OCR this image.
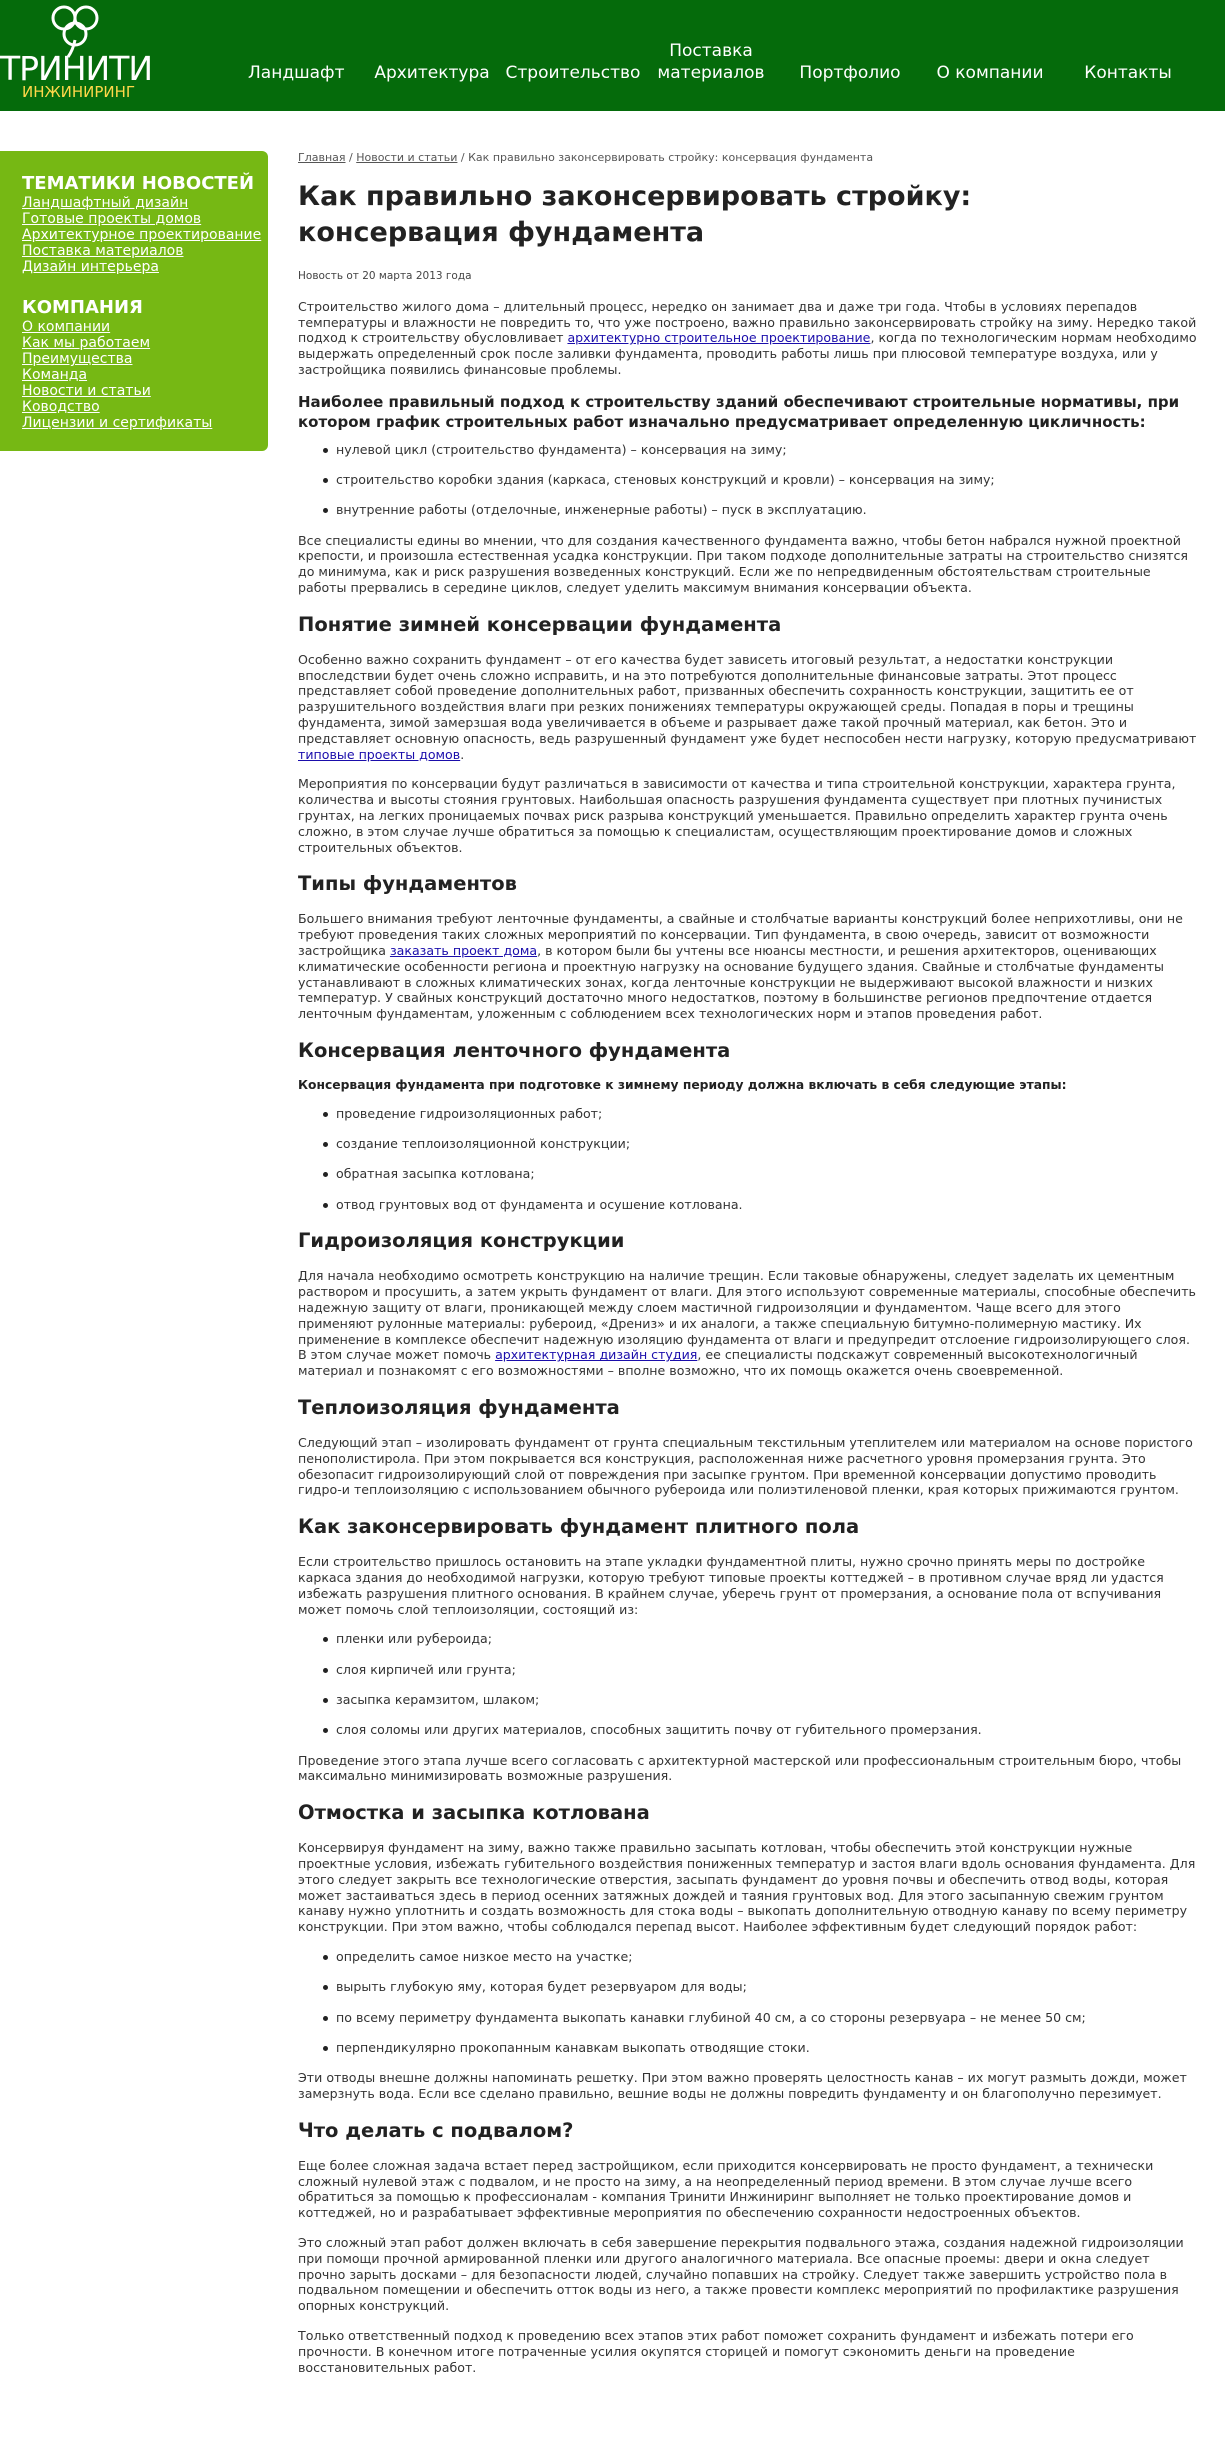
ТРИНИТИ
ИНЖИНИРИНГ
Ландшафт Архитектура Строительство
Поставка материалов	Портфолио	О компании	Контакты
ТЕМАТИКИ НОВОСТЕЙ
Ландшафтный дизайн
Готовые проекты домов
Архитектурное проектирование
Поставка материалов
Дизайн интерьера
КОМПАНИЯ
О компании
Как мы работаем
Преимущества
Команда
Новости и статьи
Ководство
Лицензии и сертификаты
Главная / Новости и статьи / Как правильно законсервировать стройку: консервация фундамента
Как правильно законсервировать стройку: консервация фундамента
Новость от 20 марта 2013 года

Строительство жилого дома – длительный процесс, нередко он занимает два и даже три года. Чтобы в условиях перепадов температуры и влажности не повредить то, что уже построено, важно правильно законсервировать стройку на зиму. Нередко такой подход к строительству обусловливает архитектурно строительное проектирование, когда по технологическим нормам необходимо выдержать определенный срок после заливки фундамента, проводить работы лишь при плюсовой температуре воздуха, или у застройщика появились финансовые проблемы.

Наиболее правильный подход к строительству зданий обеспечивают строительные нормативы, при котором график строительных работ изначально предусматривает определенную цикличность:
нулевой цикл (строительство фундамента) – консервация на зиму;
строительство коробки здания (каркаса, стеновых конструкций и кровли) – консервация на зиму;
внутренние работы (отделочные, инженерные работы) – пуск в эксплуатацию.

Все специалисты едины во мнении, что для создания качественного фундамента важно, чтобы бетон набрался нужной проектной крепости, и произошла естественная усадка конструкции. При таком подходе дополнительные затраты на строительство снизятся до минимума, как и риск разрушения возведенных конструкций. Если же по непредвиденным обстоятельствам строительные работы прервались в середине циклов, следует уделить максимум внимания консервации объекта.

Понятие зимней консервации фундамента

Особенно важно сохранить фундамент – от его качества будет зависеть итоговый результат, а недостатки конструкции впоследствии будет очень сложно исправить, и на это потребуются дополнительные финансовые затраты. Этот процесс представляет собой проведение дополнительных работ, призванных обеспечить сохранность конструкции, защитить ее от разрушительного воздействия влаги при резких понижениях температуры окружающей среды. Попадая в поры и трещины фундамента, зимой замерзшая вода увеличивается в объеме и разрывает даже такой прочный материал, как бетон. Это и представляет основную опасность, ведь разрушенный фундамент уже будет неспособен нести нагрузку, которую предусматривают типовые проекты домов.

Мероприятия по консервации будут различаться в зависимости от качества и типа строительной конструкции, характера грунта, количества и высоты стояния грунтовых. Наибольшая опасность разрушения фундамента существует при плотных пучинистых грунтах, на легких проницаемых почвах риск разрыва конструкций уменьшается. Правильно определить характер грунта очень сложно, в этом случае лучше обратиться за помощью к специалистам, осуществляющим проектирование домов и сложных строительных объектов.

Типы фундаментов

Большего внимания требуют ленточные фундаменты, а свайные и столбчатые варианты конструкций более неприхотливы, они не требуют проведения таких сложных мероприятий по консервации. Тип фундамента, в свою очередь, зависит от возможности застройщика заказать проект дома, в котором были бы учтены все нюансы местности, и решения архитекторов, оценивающих климатические особенности региона и проектную нагрузку на основание будущего здания. Свайные и столбчатые фундаменты устанавливают в сложных климатических зонах, когда ленточные конструкции не выдерживают высокой влажности и низких температур. У свайных конструкций достаточно много недостатков, поэтому в большинстве регионов предпочтение отдается ленточным фундаментам, уложенным с соблюдением всех технологических норм и этапов проведения работ.

Консервация ленточного фундамента
Консервация фундамента при подготовке к зимнему периоду должна включать в себя следующие этапы:
проведение гидроизоляционных работ;
создание теплоизоляционной конструкции;
обратная засыпка котлована;
отвод грунтовых вод от фундамента и осушение котлована.
Гидроизоляция конструкции

Для начала необходимо осмотреть конструкцию на наличие трещин. Если таковые обнаружены, следует заделать их цементным раствором и просушить, а затем укрыть фундамент от влаги. Для этого используют современные материалы, способные обеспечить надежную защиту от влаги, проникающей между слоем мастичной гидроизоляции и фундаментом. Чаще всего для этого применяют рулонные материалы: рубероид, «Дрениз» и их аналоги, а также специальную битумно-полимерную мастику. Их применение в комплексе обеспечит надежную изоляцию фундамента от влаги и предупредит отслоение гидроизолирующего слоя. В этом случае может помочь архитектурная дизайн студия, ее специалисты подскажут современный высокотехнологичный материал и познакомят с его возможностями – вполне возможно, что их помощь окажется очень своевременной.

Теплоизоляция фундамента

Следующий этап – изолировать фундамент от грунта специальным текстильным утеплителем или материалом на основе пористого пенополистирола. При этом покрывается вся конструкция, расположенная ниже расчетного уровня промерзания грунта. Это обезопасит гидроизолирующий слой от повреждения при засыпке грунтом. При временной консервации допустимо проводить гидро-и теплоизоляцию с использованием обычного рубероида или полиэтиленовой пленки, края которых прижимаются грунтом.

Как законсервировать фундамент плитного пола

Если строительство пришлось остановить на этапе укладки фундаментной плиты, нужно срочно принять меры по достройке каркаса здания до необходимой нагрузки, которую требуют типовые проекты коттеджей – в противном случае вряд ли удастся избежать разрушения плитного основания. В крайнем случае, уберечь грунт от промерзания, а основание пола от вспучивания может помочь слой теплоизоляции, состоящий из:

пленки или рубероида;
слоя кирпичей или грунта;
засыпка керамзитом, шлаком;
слоя соломы или других материалов, способных защитить почву от губительного промерзания.

Проведение этого этапа лучше всего согласовать с архитектурной мастерской или профессиональным строительным бюро, чтобы максимально минимизировать возможные разрушения.

Отмостка и засыпка котлована

Консервируя фундамент на зиму, важно также правильно засыпать котлован, чтобы обеспечить этой конструкции нужные проектные условия, избежать губительного воздействия пониженных температур и застоя влаги вдоль основания фундамента. Для этого следует закрыть все технологические отверстия, засыпать фундамент до уровня почвы и обеспечить отвод воды, которая может застаиваться здесь в период осенних затяжных дождей и таяния грунтовых вод. Для этого засыпанную свежим грунтом канаву нужно уплотнить и создать возможность для стока воды – выкопать дополнительную отводную канаву по всему периметру конструкции. При этом важно, чтобы соблюдался перепад высот. Наиболее эффективным будет следующий порядок работ:

определить самое низкое место на участке;
вырыть глубокую яму, которая будет резервуаром для воды;
по всему периметру фундамента выкопать канавки глубиной 40 см, а со стороны резервуара – не менее 50 см;
перпендикулярно прокопанным канавкам выкопать отводящие стоки.

Эти отводы внешне должны напоминать решетку. При этом важно проверять целостность канав – их могут размыть дожди, может замерзнуть вода. Если все сделано правильно, вешние воды не должны повредить фундаменту и он благополучно перезимует.

Что делать с подвалом?

Еще более сложная задача встает перед застройщиком, если приходится консервировать не просто фундамент, а технически сложный нулевой этаж с подвалом, и не просто на зиму, а на неопределенный период времени. В этом случае лучше всего обратиться за помощью к профессионалам - компания Тринити Инжиниринг выполняет не только проектирование домов и коттеджей, но и разрабатывает эффективные мероприятия по обеспечению сохранности недостроенных объектов.

Это сложный этап работ должен включать в себя завершение перекрытия подвального этажа, создания надежной гидроизоляции при помощи прочной армированной пленки или другого аналогичного материала. Все опасные проемы: двери и окна следует прочно зарыть досками – для безопасности людей, случайно попавших на стройку. Следует также завершить устройство пола в подвальном помещении и обеспечить отток воды из него, а также провести комплекс мероприятий по профилактике разрушения опорных конструкций.

Только ответственный подход к проведению всех этапов этих работ поможет сохранить фундамент и избежать потери его прочности. В конечном итоге потраченные усилия окупятся сторицей и помогут сэкономить деньги на проведение восстановительных работ.
